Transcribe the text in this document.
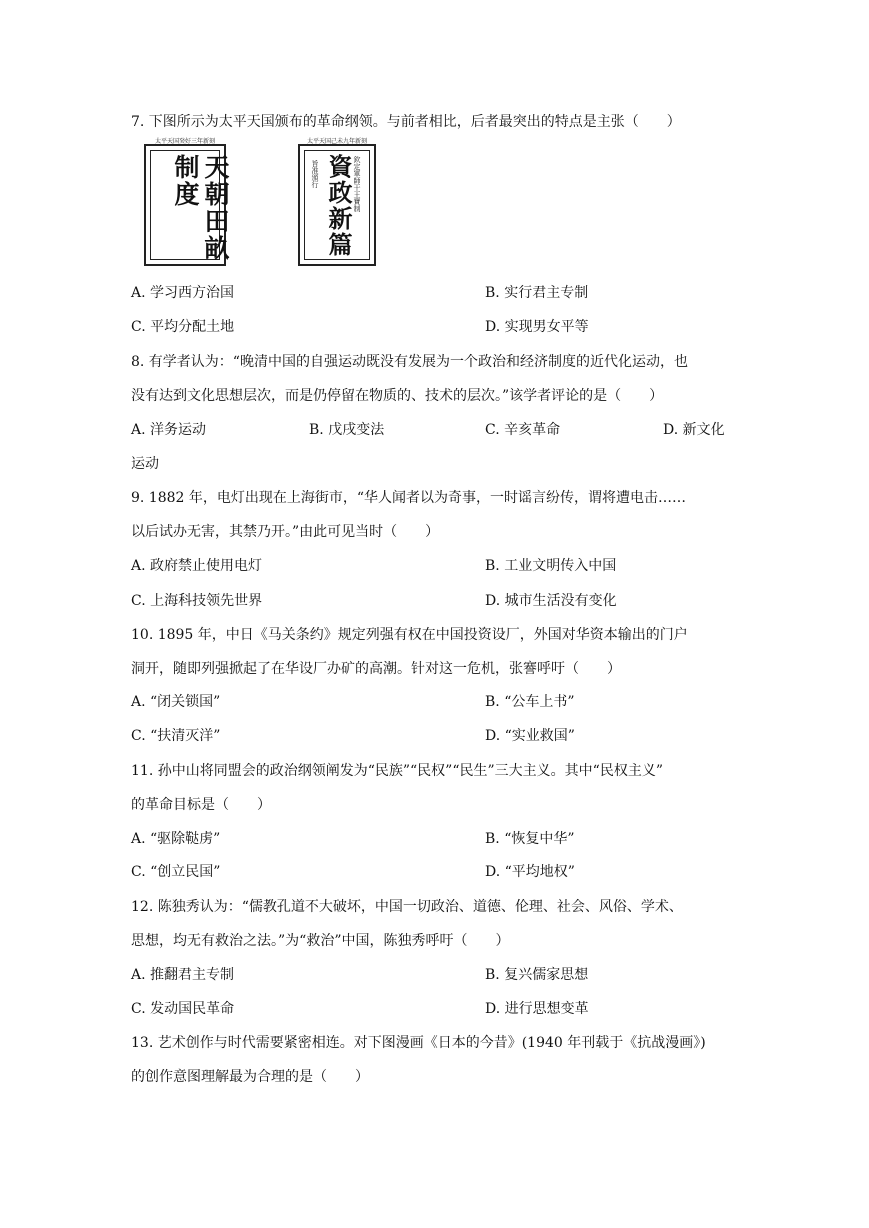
7. 下图所示为太平天国颁布的革命纲领。与前者相比，后者最突出的特点是主张（　　）
太平天国癸好三年新刻
天朝田畝制度
太平天国己未九年新刻
欽定軍師干王寶制
旨准頒行 資政新篇
A. 学习西方治国	B. 实行君主专制
C. 平均分配土地	D. 实现男女平等
8. 有学者认为：“晚清中国的自强运动既没有发展为一个政治和经济制度的近代化运动，也
没有达到文化思想层次，而是仍停留在物质的、技术的层次。”该学者评论的是（　　）
A. 洋务运动	B. 戊戌变法	C. 辛亥革命	D. 新文化
运动
9. 1882 年，电灯出现在上海街市，“华人闻者以为奇事，一时谣言纷传，谓将遭电击……
以后试办无害，其禁乃开。”由此可见当时（　　）
A. 政府禁止使用电灯	B. 工业文明传入中国
C. 上海科技领先世界	D. 城市生活没有变化
10. 1895 年，中日《马关条约》规定列强有权在中国投资设厂，外国对华资本输出的门户
洞开，随即列强掀起了在华设厂办矿的高潮。针对这一危机，张謇呼吁（　　）
A. “闭关锁国”	B. “公车上书”
C. “扶清灭洋”	D. “实业救国”
11. 孙中山将同盟会的政治纲领阐发为“民族”“民权”“民生”三大主义。其中“民权主义”
的革命目标是（　　）
A. “驱除鞑虏”	B. “恢复中华”
C. “创立民国”	D. “平均地权”
12. 陈独秀认为：“儒教孔道不大破坏，中国一切政治、道德、伦理、社会、风俗、学术、
思想，均无有救治之法。”为“救治”中国，陈独秀呼吁（　　）
A. 推翻君主专制	B. 复兴儒家思想
C. 发动国民革命	D. 进行思想变革
13. 艺术创作与时代需要紧密相连。对下图漫画《日本的今昔》(1940 年刊载于《抗战漫画》)
的创作意图理解最为合理的是（　　）
